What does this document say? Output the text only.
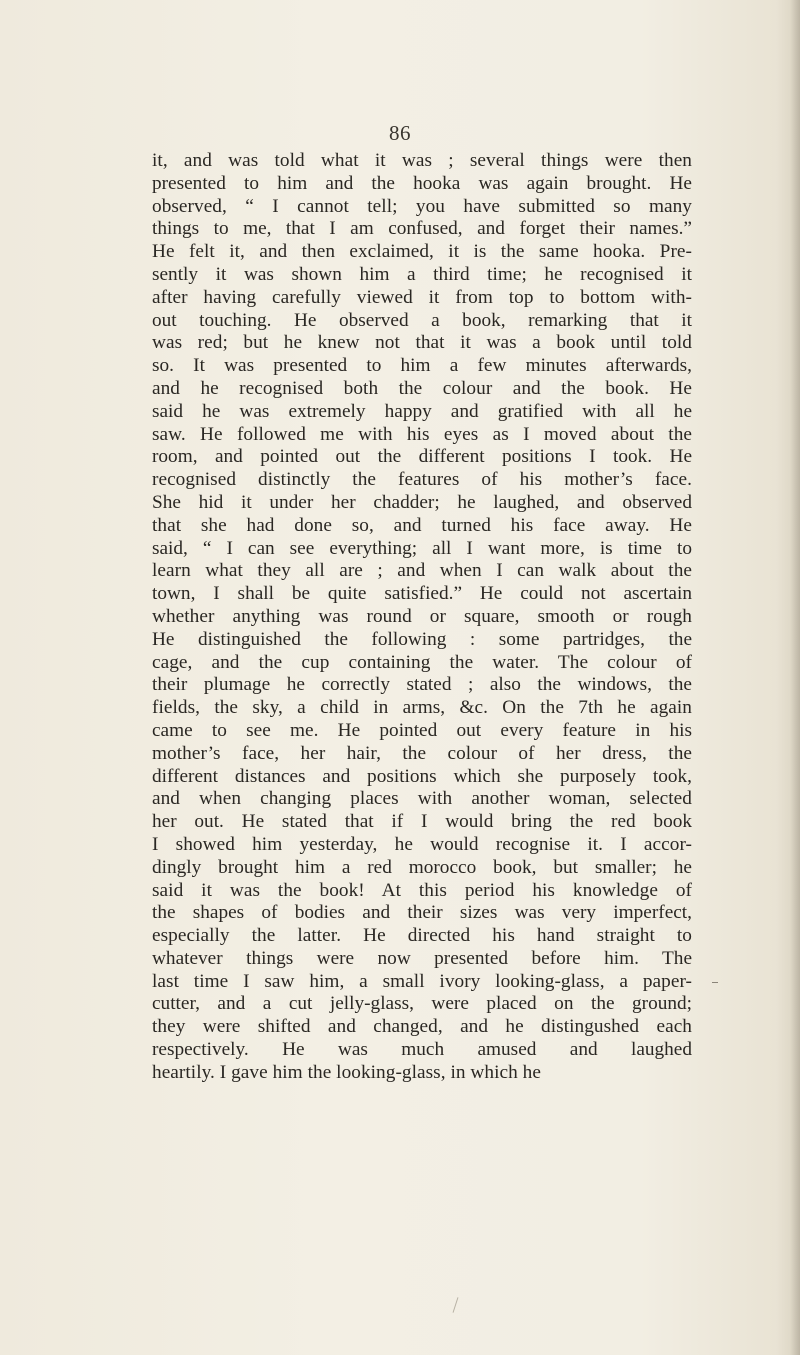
86
it, and was told what it was ; several things were then
presented to him and the hooka was again brought. He
observed, “ I cannot tell; you have submitted so many
things to me, that I am confused, and forget their names.”
He felt it, and then exclaimed, it is the same hooka. Pre-
sently it was shown him a third time; he recognised it
after having carefully viewed it from top to bottom with-
out touching. He observed a book, remarking that it
was red; but he knew not that it was a book until told
so. It was presented to him a few minutes afterwards,
and he recognised both the colour and the book. He
said he was extremely happy and gratified with all he
saw. He followed me with his eyes as I moved about the
room, and pointed out the different positions I took. He
recognised distinctly the features of his mother’s face.
She hid it under her chadder; he laughed, and observed
that she had done so, and turned his face away. He
said, “ I can see everything; all I want more, is time to
learn what they all are ; and when I can walk about the
town, I shall be quite satisfied.” He could not ascertain
whether anything was round or square, smooth or rough
He distinguished the following : some partridges, the
cage, and the cup containing the water. The colour of
their plumage he correctly stated ; also the windows, the
fields, the sky, a child in arms, &c. On the 7th he again
came to see me. He pointed out every feature in his
mother’s face, her hair, the colour of her dress, the
different distances and positions which she purposely took,
and when changing places with another woman, selected
her out. He stated that if I would bring the red book
I showed him yesterday, he would recognise it. I accor-
dingly brought him a red morocco book, but smaller; he
said it was the book! At this period his knowledge of
the shapes of bodies and their sizes was very imperfect,
especially the latter. He directed his hand straight to
whatever things were now presented before him. The
last time I saw him, a small ivory looking-glass, a paper-
cutter, and a cut jelly-glass, were placed on the ground;
they were shifted and changed, and he distingushed each
respectively. He was much amused and laughed
heartily. I gave him the looking-glass, in which he
